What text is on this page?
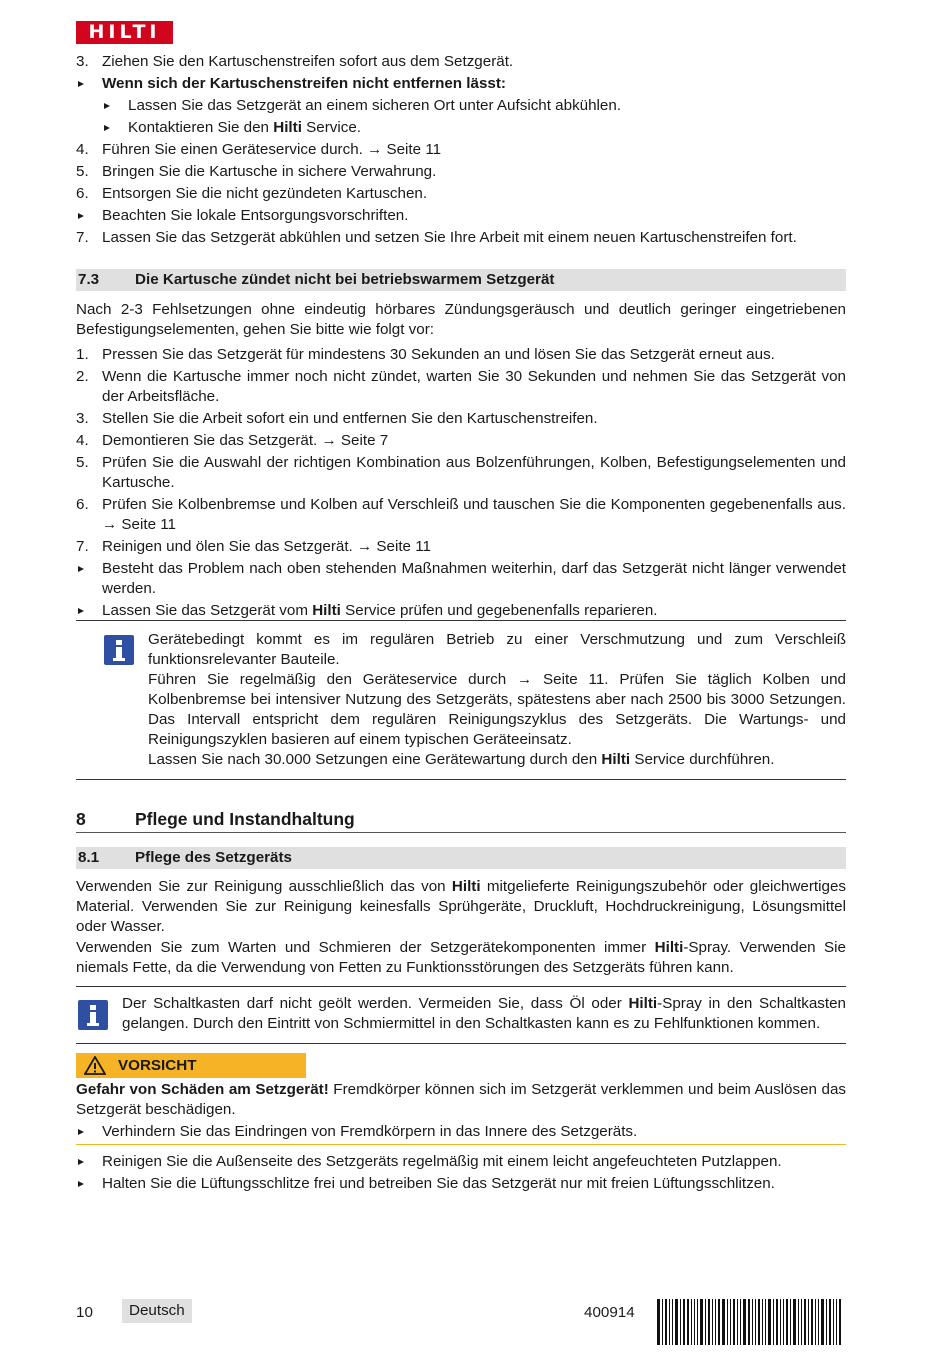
HILTI
3. Ziehen Sie den Kartuschenstreifen sofort aus dem Setzgerät.
Wenn sich der Kartuschenstreifen nicht entfernen lässt:
Lassen Sie das Setzgerät an einem sicheren Ort unter Aufsicht abkühlen.
Kontaktieren Sie den Hilti Service.
4. Führen Sie einen Geräteservice durch. → Seite 11
5. Bringen Sie die Kartusche in sichere Verwahrung.
6. Entsorgen Sie die nicht gezündeten Kartuschen.
Beachten Sie lokale Entsorgungsvorschriften.
7. Lassen Sie das Setzgerät abkühlen und setzen Sie Ihre Arbeit mit einem neuen Kartuschenstreifen fort.
7.3 Die Kartusche zündet nicht bei betriebswarmem Setzgerät
Nach 2-3 Fehlsetzungen ohne eindeutig hörbares Zündungsgeräusch und deutlich geringer eingetriebenen Befestigungselementen, gehen Sie bitte wie folgt vor:
1. Pressen Sie das Setzgerät für mindestens 30 Sekunden an und lösen Sie das Setzgerät erneut aus.
2. Wenn die Kartusche immer noch nicht zündet, warten Sie 30 Sekunden und nehmen Sie das Setzgerät von der Arbeitsfläche.
3. Stellen Sie die Arbeit sofort ein und entfernen Sie den Kartuschenstreifen.
4. Demontieren Sie das Setzgerät. → Seite 7
5. Prüfen Sie die Auswahl der richtigen Kombination aus Bolzenführungen, Kolben, Befestigungselementen und Kartusche.
6. Prüfen Sie Kolbenbremse und Kolben auf Verschleiß und tauschen Sie die Komponenten gegebenenfalls aus. → Seite 11
7. Reinigen und ölen Sie das Setzgerät. → Seite 11
Besteht das Problem nach oben stehenden Maßnahmen weiterhin, darf das Setzgerät nicht länger verwendet werden.
Lassen Sie das Setzgerät vom Hilti Service prüfen und gegebenenfalls reparieren.
Gerätebedingt kommt es im regulären Betrieb zu einer Verschmutzung und zum Verschleiß funktionsrelevanter Bauteile.
Führen Sie regelmäßig den Geräteservice durch → Seite 11. Prüfen Sie täglich Kolben und Kolbenbremse bei intensiver Nutzung des Setzgeräts, spätestens aber nach 2500 bis 3000 Setzungen. Das Intervall entspricht dem regulären Reinigungszyklus des Setzgeräts. Die Wartungs- und Reinigungszyklen basieren auf einem typischen Geräteeinsatz.
Lassen Sie nach 30.000 Setzungen eine Gerätewartung durch den Hilti Service durchführen.
8	Pflege und Instandhaltung
8.1 Pflege des Setzgeräts
Verwenden Sie zur Reinigung ausschließlich das von Hilti mitgelieferte Reinigungszubehör oder gleichwertiges Material. Verwenden Sie zur Reinigung keinesfalls Sprühgeräte, Druckluft, Hochdruckreinigung, Lösungsmittel oder Wasser.
Verwenden Sie zum Warten und Schmieren der Setzgerätekomponenten immer Hilti-Spray. Verwenden Sie niemals Fette, da die Verwendung von Fetten zu Funktionsstörungen des Setzgeräts führen kann.
Der Schaltkasten darf nicht geölt werden. Vermeiden Sie, dass Öl oder Hilti-Spray in den Schaltkasten gelangen. Durch den Eintritt von Schmiermittel in den Schaltkasten kann es zu Fehlfunktionen kommen.
VORSICHT
Gefahr von Schäden am Setzgerät! Fremdkörper können sich im Setzgerät verklemmen und beim Auslösen das Setzgerät beschädigen.
Verhindern Sie das Eindringen von Fremdkörpern in das Innere des Setzgeräts.
Reinigen Sie die Außenseite des Setzgeräts regelmäßig mit einem leicht angefeuchteten Putzlappen.
Halten Sie die Lüftungsschlitze frei und betreiben Sie das Setzgerät nur mit freien Lüftungsschlitzen.
10	Deutsch	400914
